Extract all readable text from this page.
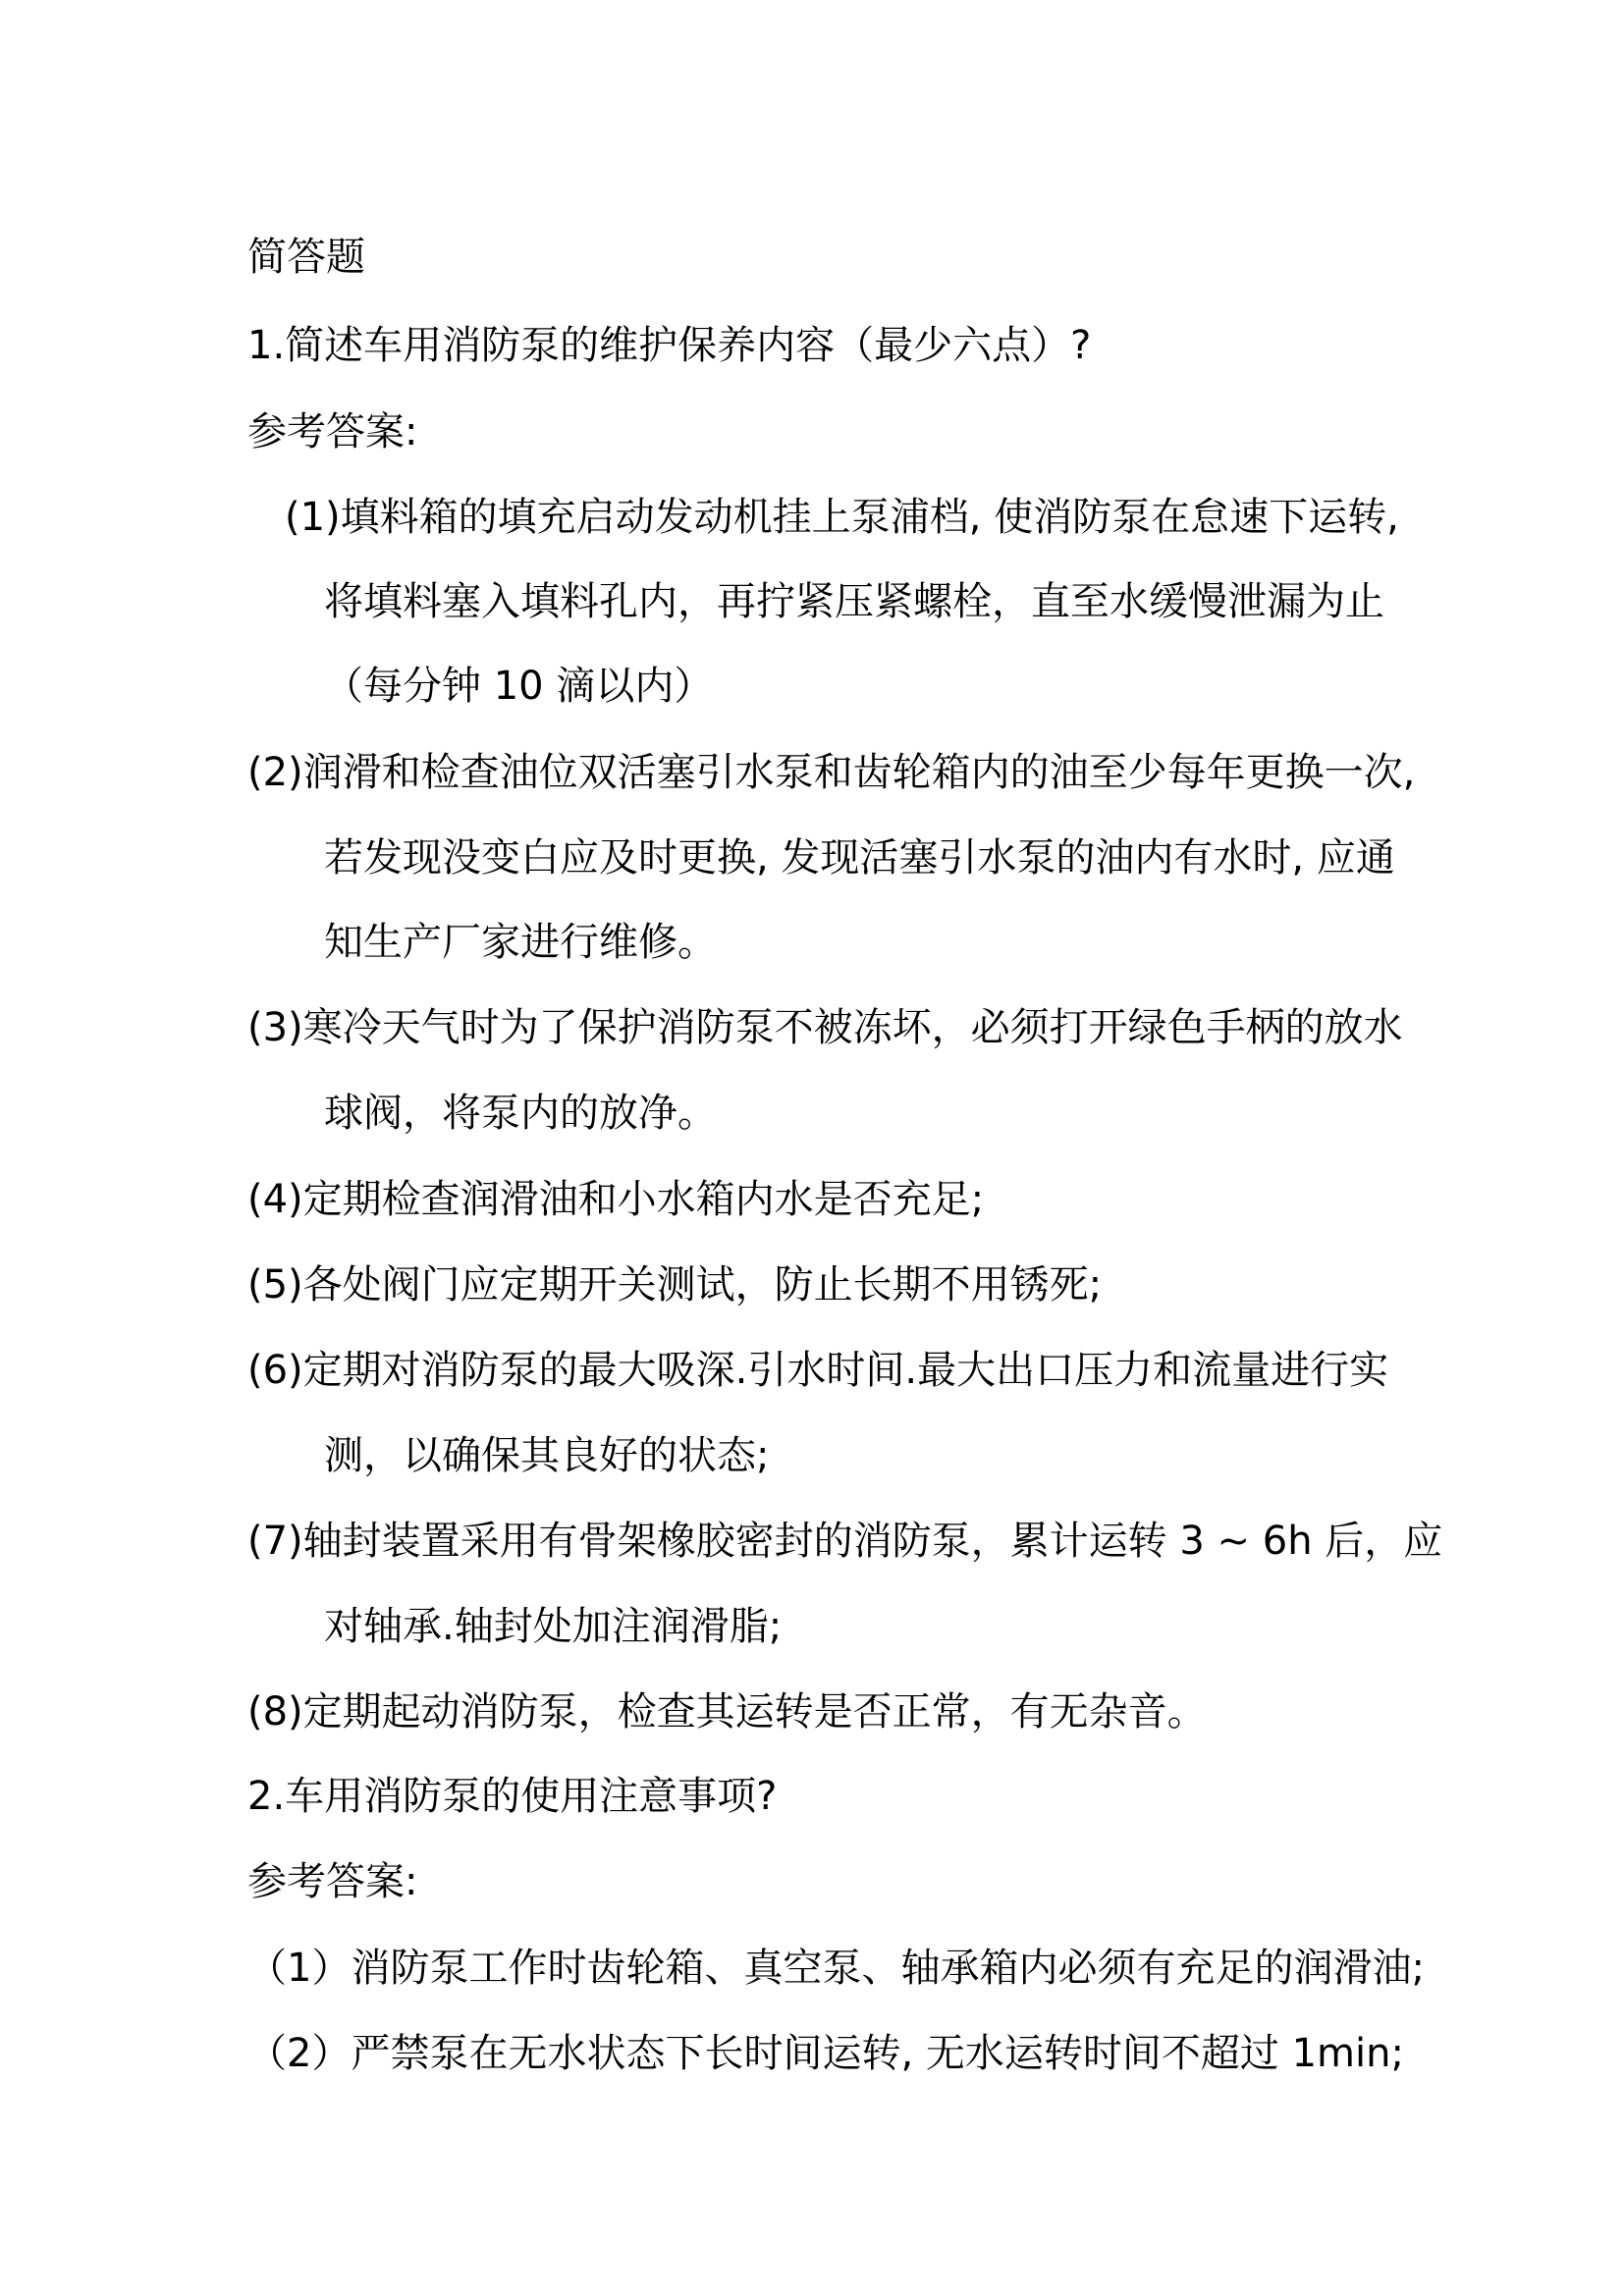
简答题
1.简述车用消防泵的维护保养内容（最少六点）?
参考答案:
(1)填料箱的填充启动发动机挂上泵浦档, 使消防泵在怠速下运转,
将填料塞入填料孔内，再拧紧压紧螺栓，直至水缓慢泄漏为止
（每分钟 10 滴以内）
(2)润滑和检查油位双活塞引水泵和齿轮箱内的油至少每年更换一次,
若发现没变白应及时更换, 发现活塞引水泵的油内有水时, 应通
知生产厂家进行维修。
(3)寒冷天气时为了保护消防泵不被冻坏，必须打开绿色手柄的放水
球阀，将泵内的放净。
(4)定期检查润滑油和小水箱内水是否充足;
(5)各处阀门应定期开关测试，防止长期不用锈死;
(6)定期对消防泵的最大吸深.引水时间.最大出口压力和流量进行实
测，以确保其良好的状态;
(7)轴封装置采用有骨架橡胶密封的消防泵，累计运转 3 ~ 6h 后，应
对轴承.轴封处加注润滑脂;
(8)定期起动消防泵，检查其运转是否正常，有无杂音。
2.车用消防泵的使用注意事项?
参考答案:
（1）消防泵工作时齿轮箱、真空泵、轴承箱内必须有充足的润滑油;
（2）严禁泵在无水状态下长时间运转, 无水运转时间不超过 1min;
